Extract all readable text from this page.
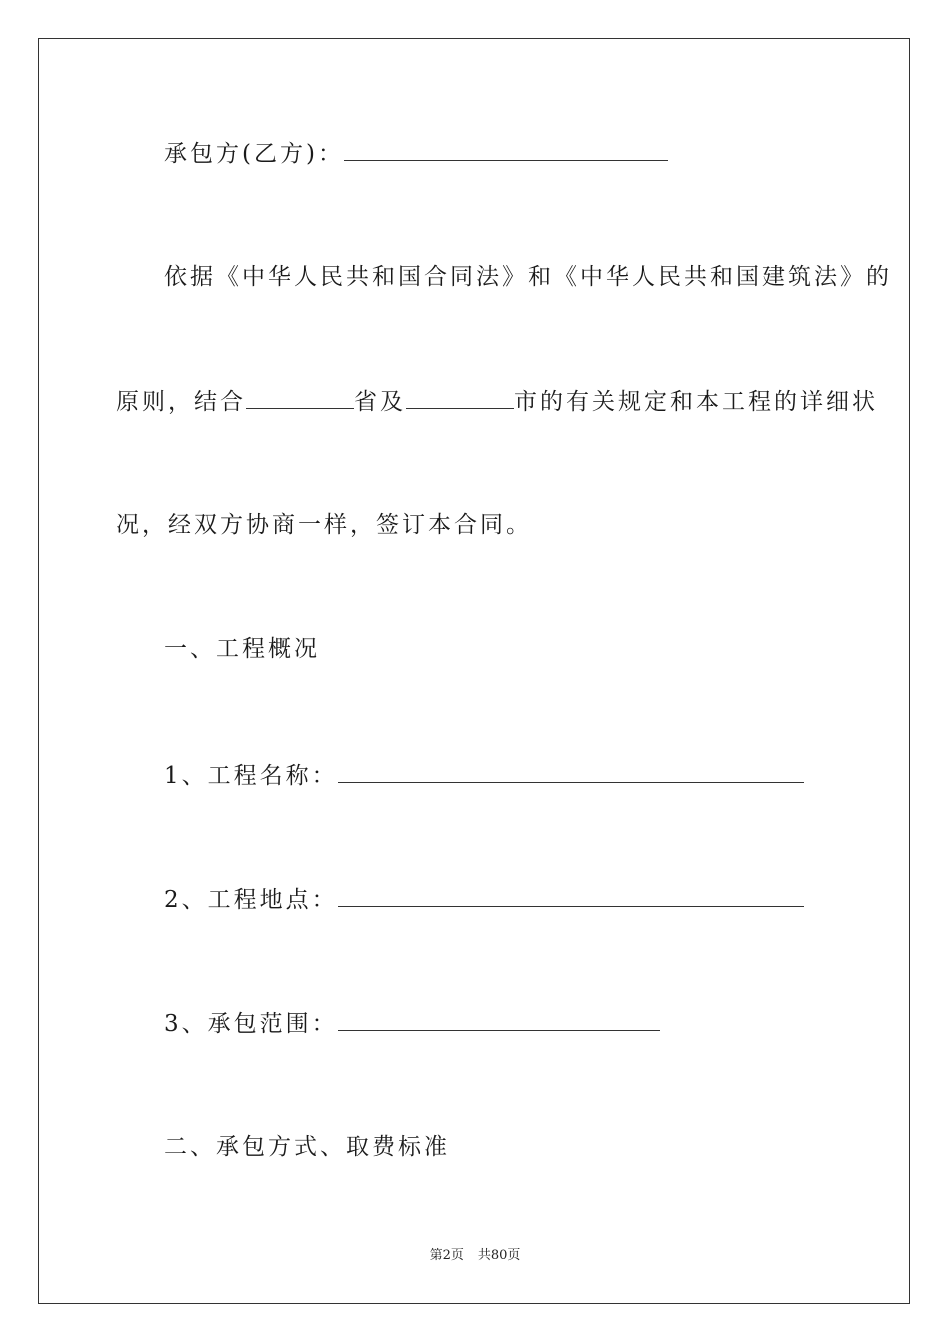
承包方(乙方)：
依据《中华人民共和国合同法》和《中华人民共和国建筑法》的
原则，结合	省及	市的有关规定和本工程的详细状
况，经双方协商一样，签订本合同。
一、工程概况
1、工程名称：
2、工程地点：
3、承包范围：
二、承包方式、取费标准
第2页 共80页
